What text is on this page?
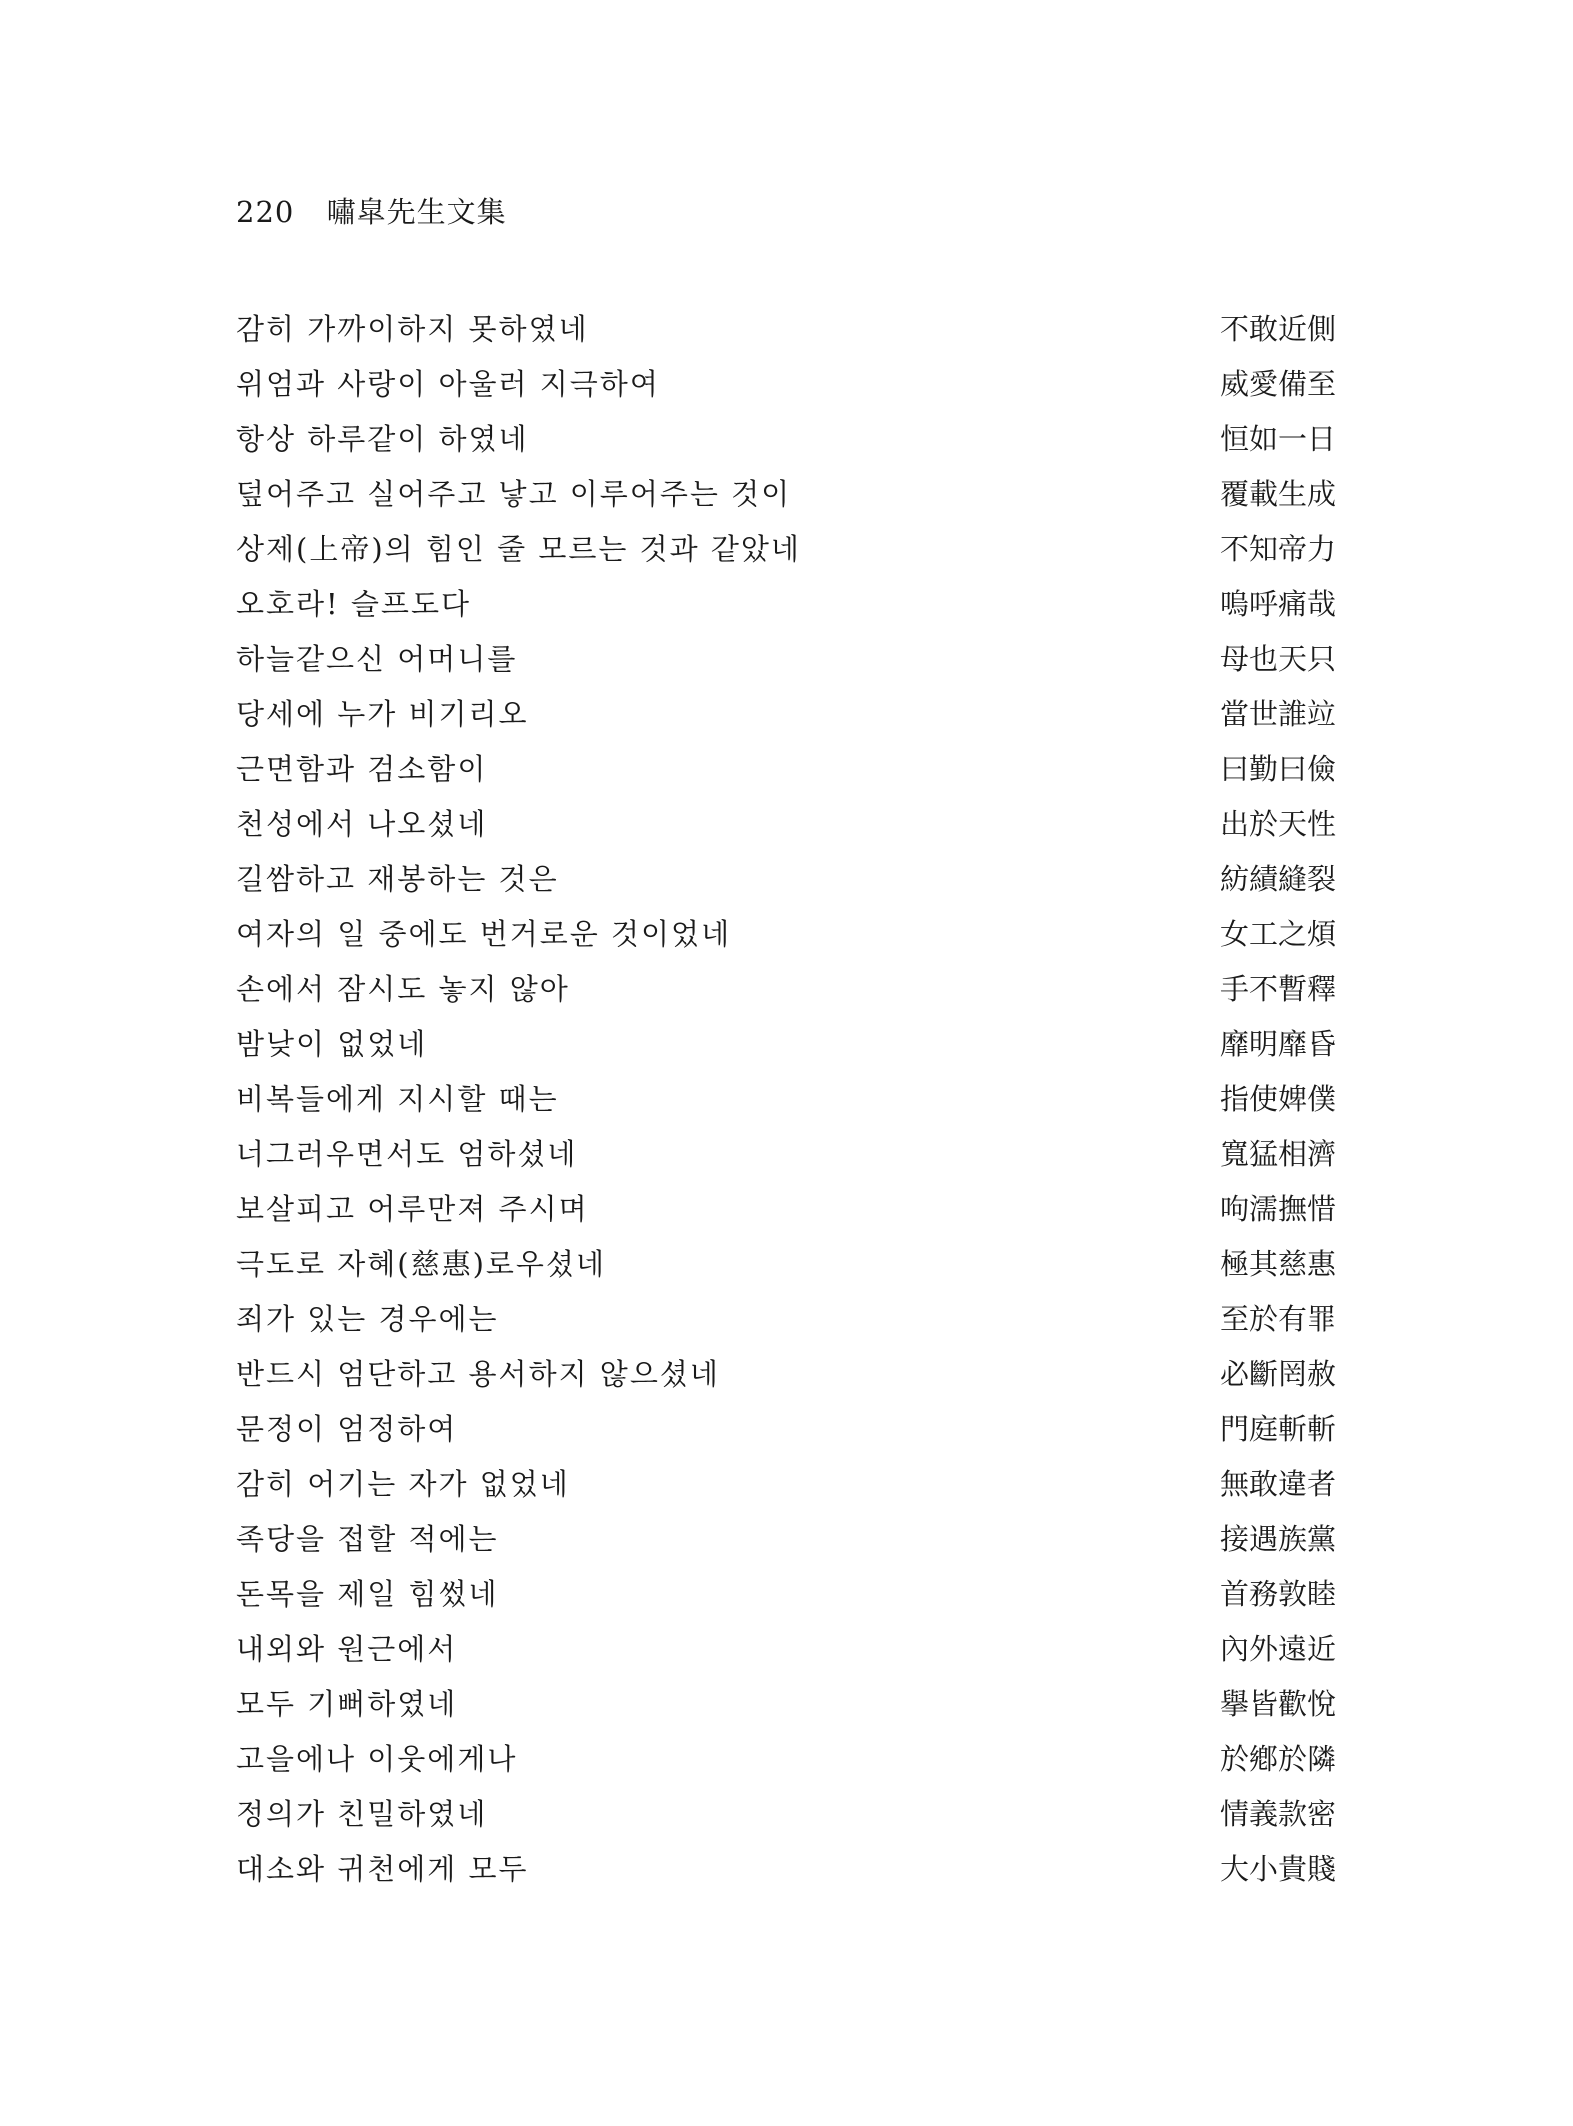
220 嘯皐先生文集
감히 가까이하지 못하였네	不敢近側
위엄과 사랑이 아울러 지극하여	威愛備至
항상 하루같이 하였네	恒如一日
덮어주고 실어주고 낳고 이루어주는 것이	覆載生成
상제(上帝)의 힘인 줄 모르는 것과 같았네	不知帝力
오호라! 슬프도다	嗚呼痛哉
하늘같으신 어머니를	母也天只
당세에 누가 비기리오	當世誰竝
근면함과 검소함이	曰勤曰儉
천성에서 나오셨네	出於天性
길쌈하고 재봉하는 것은	紡績縫裂
여자의 일 중에도 번거로운 것이었네	女工之煩
손에서 잠시도 놓지 않아	手不暫釋
밤낮이 없었네	靡明靡昏
비복들에게 지시할 때는	指使婢僕
너그러우면서도 엄하셨네	寬猛相濟
보살피고 어루만져 주시며	呴濡撫惜
극도로 자혜(慈惠)로우셨네	極其慈惠
죄가 있는 경우에는	至於有罪
반드시 엄단하고 용서하지 않으셨네	必斷罔赦
문정이 엄정하여	門庭斬斬
감히 어기는 자가 없었네	無敢違者
족당을 접할 적에는	接遇族黨
돈목을 제일 힘썼네	首務敦睦
내외와 원근에서	內外遠近
모두 기뻐하였네	擧皆歡悅
고을에나 이웃에게나	於鄕於隣
정의가 친밀하였네	情義款密
대소와 귀천에게 모두	大小貴賤
